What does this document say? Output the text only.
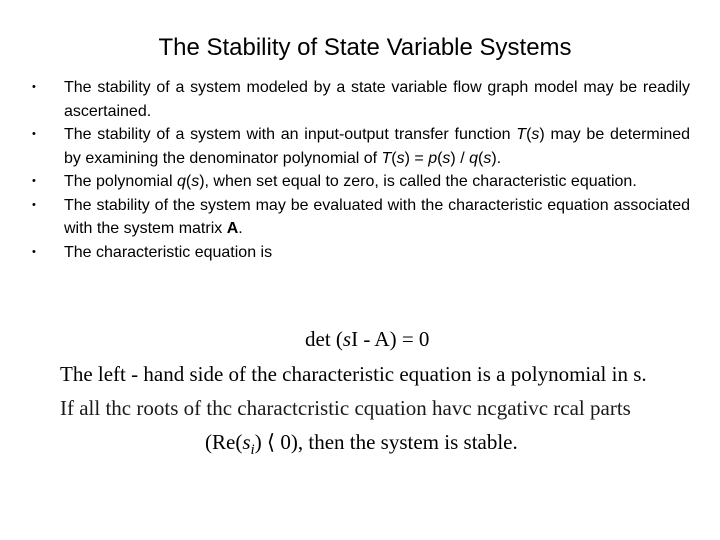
The Stability of State Variable Systems
• The stability of a system modeled by a state variable flow graph model may be readily ascertained.
• The stability of a system with an input-output transfer function T(s) may be determined by examining the denominator polynomial of T(s) = p(s) / q(s).
• The polynomial q(s), when set equal to zero, is called the characteristic equation.
• The stability of the system may be evaluated with the characteristic equation associated with the system matrix A.
• The characteristic equation is
det (sI - A) = 0
The left - hand side of the characteristic equation is a polynomial in s.
If all thc roots of thc charactcristic cquation havc ncgativc rcal parts
($Re(s_i)$ ⟨ 0), then the system is stable.
